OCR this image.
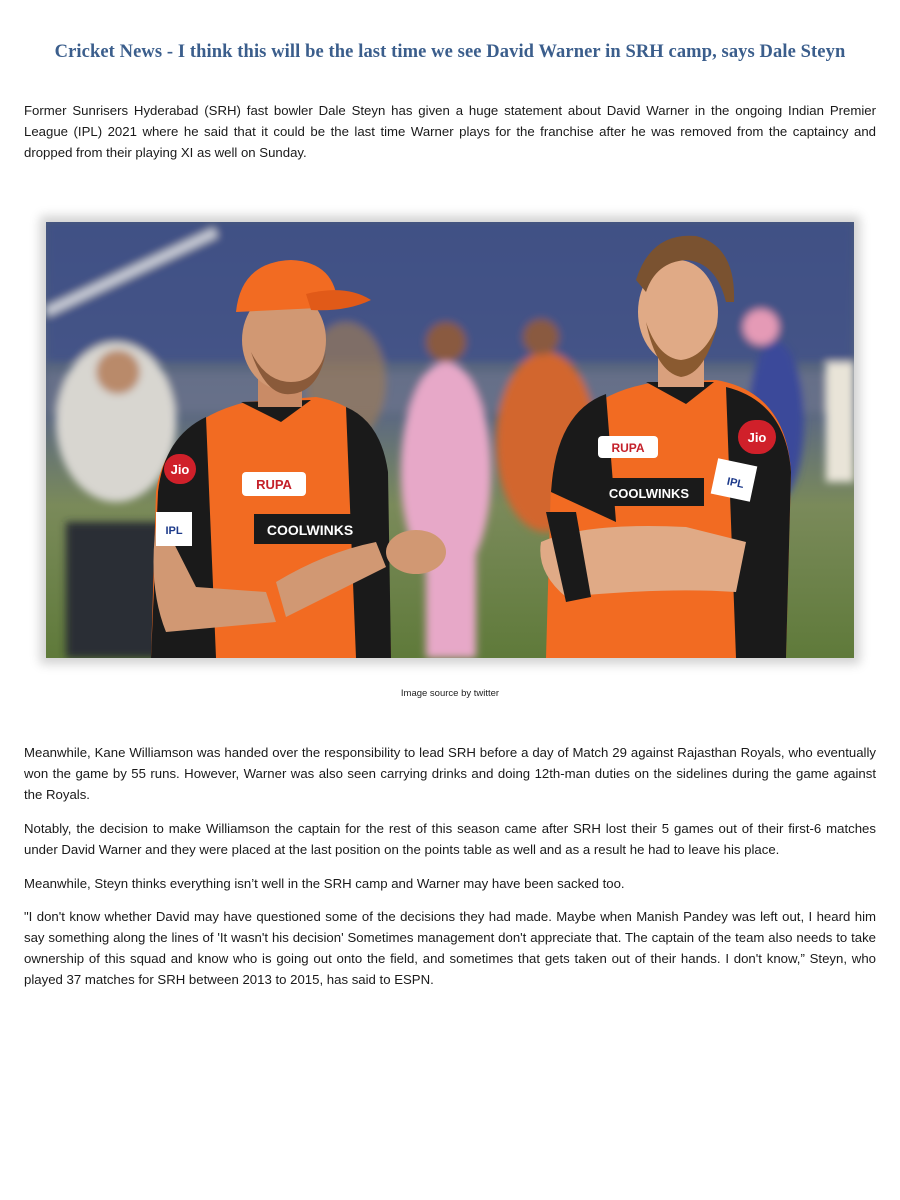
Cricket News - I think this will be the last time we see David Warner in SRH camp, says Dale Steyn

Former Sunrisers Hyderabad (SRH) fast bowler Dale Steyn has given a huge statement about David Warner in the ongoing Indian Premier League (IPL) 2021 where he said that it could be the last time Warner plays for the franchise after he was removed from the captaincy and dropped from their playing XI as well on Sunday.

Jio
RUPA
COOLWINKS
IPL
Jio
RUPA
COOLWINKS
IPL
Image source by twitter

Meanwhile, Kane Williamson was handed over the responsibility to lead SRH before a day of Match 29 against Rajasthan Royals, who eventually won the game by 55 runs. However, Warner was also seen carrying drinks and doing 12th-man duties on the sidelines during the game against the Royals.

Notably, the decision to make Williamson the captain for the rest of this season came after SRH lost their 5 games out of their first-6 matches under David Warner and they were placed at the last position on the points table as well and as a result he had to leave his place.

Meanwhile, Steyn thinks everything isn’t well in the SRH camp and Warner may have been sacked too.

"I don't know whether David may have questioned some of the decisions they had made. Maybe when Manish Pandey was left out, I heard him say something along the lines of 'It wasn't his decision' Sometimes management don't appreciate that. The captain of the team also needs to take ownership of this squad and know who is going out onto the field, and sometimes that gets taken out of their hands. I don't know,” Steyn, who played 37 matches for SRH between 2013 to 2015, has said to ESPN.
